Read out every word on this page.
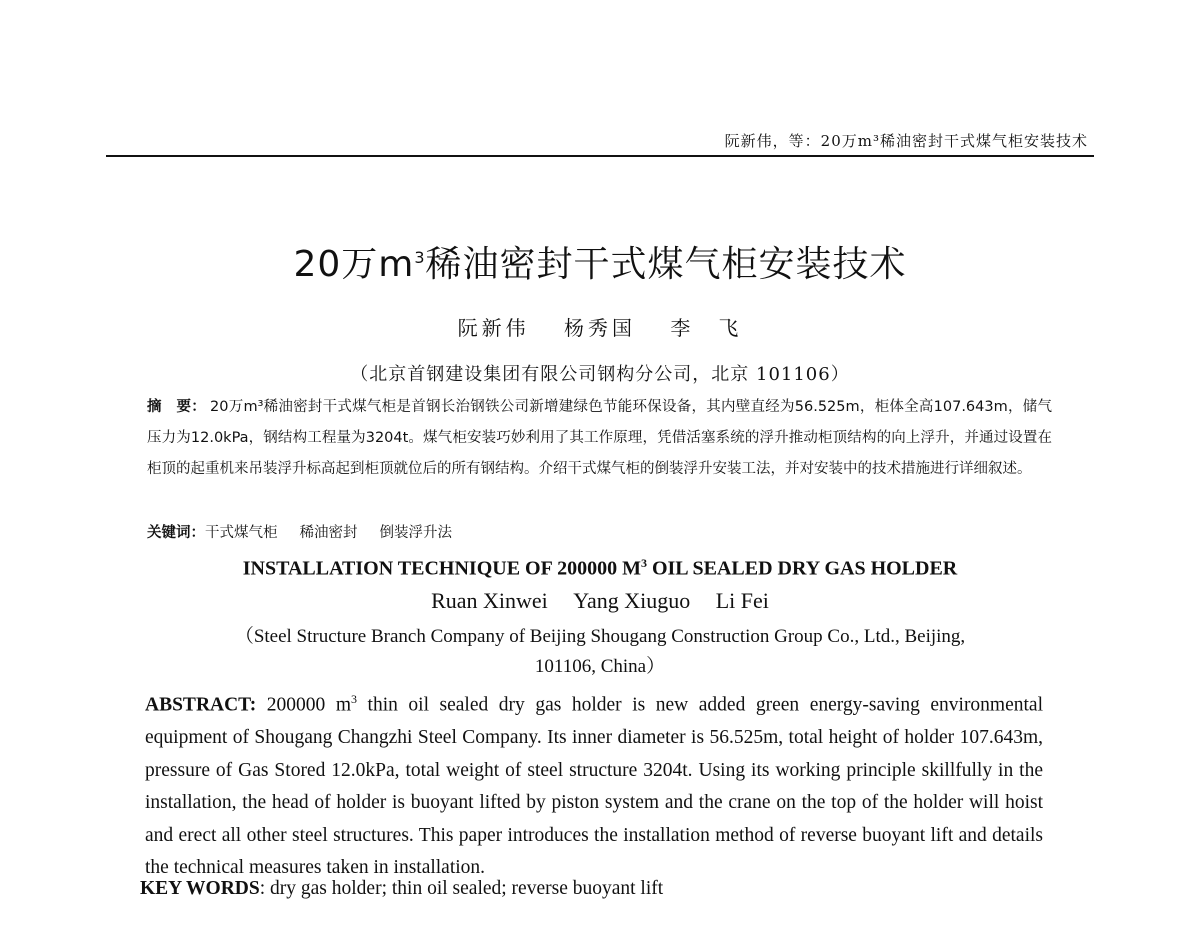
阮新伟，等：20万m³稀油密封干式煤气柜安装技术
20万$m^3$稀油密封干式煤气柜安装技术
阮新伟 杨秀国 李　飞
（北京首钢建设集团有限公司钢构分公司，北京 101106）
摘　要： 20万m³稀油密封干式煤气柜是首钢长治钢铁公司新增建绿色节能环保设备，其内壁直经为56.525m，柜体全高107.643m，储气压力为12.0kPa，钢结构工程量为3204t。煤气柜安装巧妙利用了其工作原理，凭借活塞系统的浮升推动柜顶结构的向上浮升，并通过设置在柜顶的起重机来吊装浮升标高起到柜顶就位后的所有钢结构。介绍干式煤气柜的倒装浮升安装工法，并对安装中的技术措施进行详细叙述。
关键词：干式煤气柜 稀油密封 倒装浮升法
INSTALLATION TECHNIQUE OF 200000 $M^3$ OIL SEALED DRY GAS HOLDER
Ruan Xinwei Yang Xiuguo Li Fei
（Steel Structure Branch Company of Beijing Shougang Construction Group Co., Ltd., Beijing,
101106, China）
ABSTRACT: 200000 $m^3$ thin oil sealed dry gas holder is new added green energy-saving environmental equipment of Shougang Changzhi Steel Company. Its inner diameter is 56.525m, total height of holder 107.643m, pressure of Gas Stored 12.0kPa, total weight of steel structure 3204t. Using its working principle skillfully in the installation, the head of holder is buoyant lifted by piston system and the crane on the top of the holder will hoist and erect all other steel structures. This paper introduces the installation method of reverse buoyant lift and details the technical measures taken in installation.
KEY WORDS: dry gas holder; thin oil sealed; reverse buoyant lift
